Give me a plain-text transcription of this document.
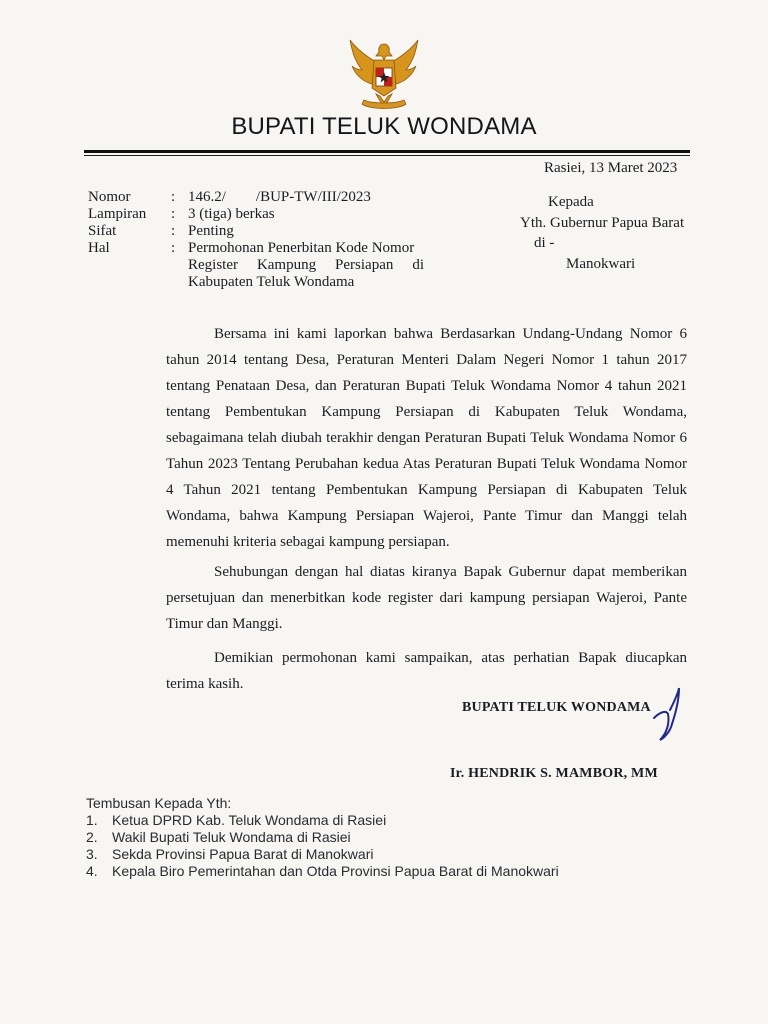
BUPATI TELUK WONDAMA
Rasiei, 13 Maret 2023
Nomor	: 146.2/        /BUP-TW/III/2023
Lampiran	: 3 (tiga) berkas
Sifat	: Penting
Hal	: Permohonan Penerbitan Kode Nomor
Register Kampung Persiapan di
Kabupaten Teluk Wondama
Kepada
Yth. Gubernur Papua Barat
di -
Manokwari

Bersama ini kami laporkan bahwa Berdasarkan Undang-Undang Nomor 6 tahun 2014 tentang Desa, Peraturan Menteri Dalam Negeri Nomor 1 tahun 2017 tentang Penataan Desa, dan Peraturan Bupati Teluk Wondama Nomor 4 tahun 2021 tentang Pembentukan Kampung Persiapan di Kabupaten Teluk Wondama, sebagaimana telah diubah terakhir dengan Peraturan Bupati Teluk Wondama Nomor 6 Tahun 2023 Tentang Perubahan kedua Atas Peraturan Bupati Teluk Wondama Nomor 4 Tahun 2021 tentang Pembentukan Kampung Persiapan di Kabupaten Teluk Wondama, bahwa Kampung Persiapan Wajeroi, Pante Timur dan Manggi telah memenuhi kriteria sebagai kampung persiapan.

Sehubungan dengan hal diatas kiranya Bapak Gubernur dapat memberikan persetujuan dan menerbitkan kode register dari kampung persiapan Wajeroi, Pante Timur dan Manggi.

Demikian permohonan kami sampaikan, atas perhatian Bapak diucapkan terima kasih.

BUPATI TELUK WONDAMA
Ir. HENDRIK S. MAMBOR, MM
Tembusan Kepada Yth:
1.	Ketua DPRD Kab. Teluk Wondama di Rasiei
2.	Wakil Bupati Teluk Wondama di Rasiei
3.	Sekda Provinsi Papua Barat di Manokwari
4.	Kepala Biro Pemerintahan dan Otda Provinsi Papua Barat di Manokwari
